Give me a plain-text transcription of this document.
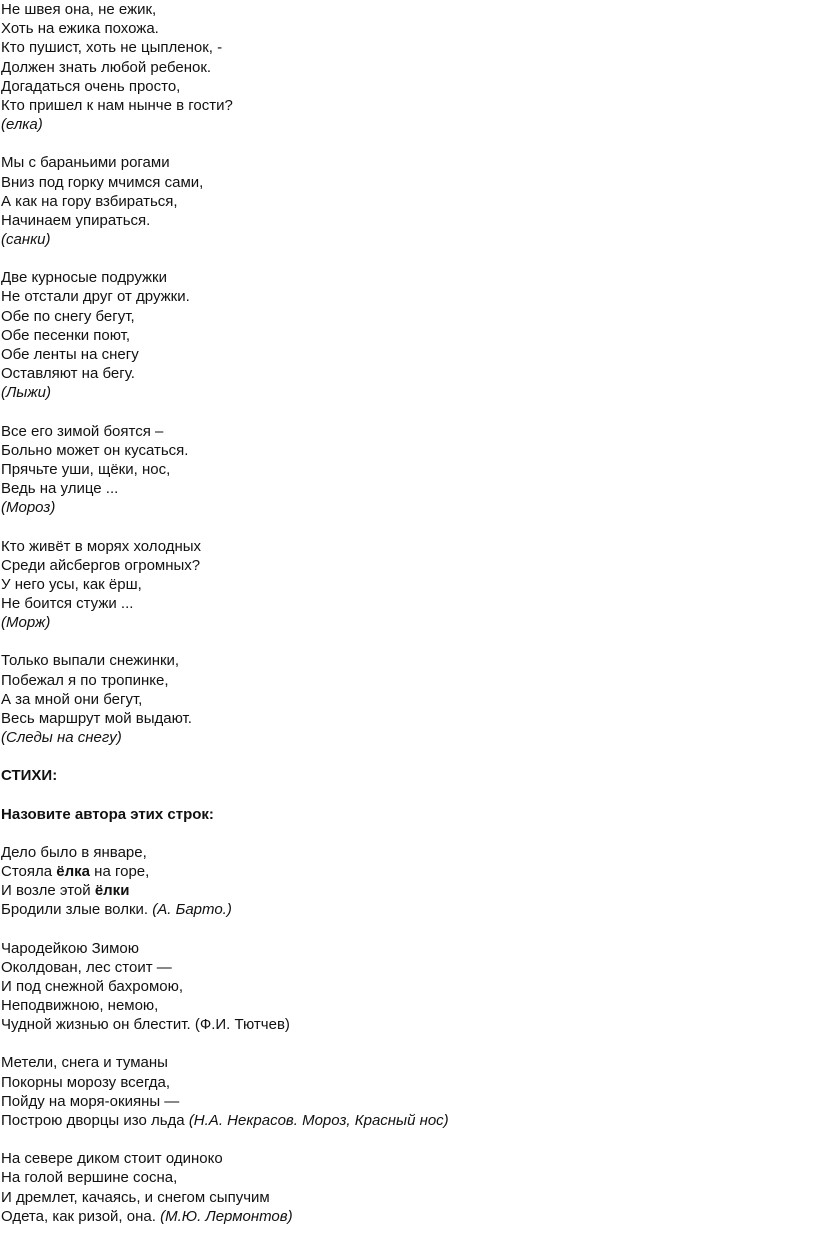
Не швея она, не ежик,
Хоть на ежика похожа.
Кто пушист, хоть не цыпленок, -
Должен знать любой ребенок.
Догадаться очень просто,
Кто пришел к нам нынче в гости?
(елка)
Мы с бараньими рогами
Вниз под горку мчимся сами,
А как на гору взбираться,
Начинаем упираться.
(санки)
Две курносые подружки
Не отстали друг от дружки.
Обе по снегу бегут,
Обе песенки поют,
Обе ленты на снегу
Оставляют на бегу.
(Лыжи)
Все его зимой боятся –
Больно может он кусаться.
Прячьте уши, щёки, нос,
Ведь на улице ...
(Мороз)
Кто живёт в морях холодных
Среди айсбергов огромных?
У него усы, как ёрш,
Не боится стужи ...
(Морж)
Только выпали снежинки,
Побежал я по тропинке,
А за мной они бегут,
Весь маршрут мой выдают.
(Следы на снегу)
СТИХИ:
Назовите автора этих строк:
Дело было в январе,
Стояла ёлка на горе,
И возле этой ёлки
Бродили злые волки. (А. Барто.)
Чародейкою Зимою
Околдован, лес стоит —
И под снежной бахромою,
Неподвижною, немою,
Чудной жизнью он блестит. (Ф.И. Тютчев)
Метели, снега и туманы
Покорны морозу всегда,
Пойду на моря-окияны —
Построю дворцы изо льда (Н.А. Некрасов. Мороз, Красный нос)
На севере диком стоит одиноко
На голой вершине сосна,
И дремлет, качаясь, и снегом сыпучим
Одета, как ризой, она. (М.Ю. Лермонтов)
